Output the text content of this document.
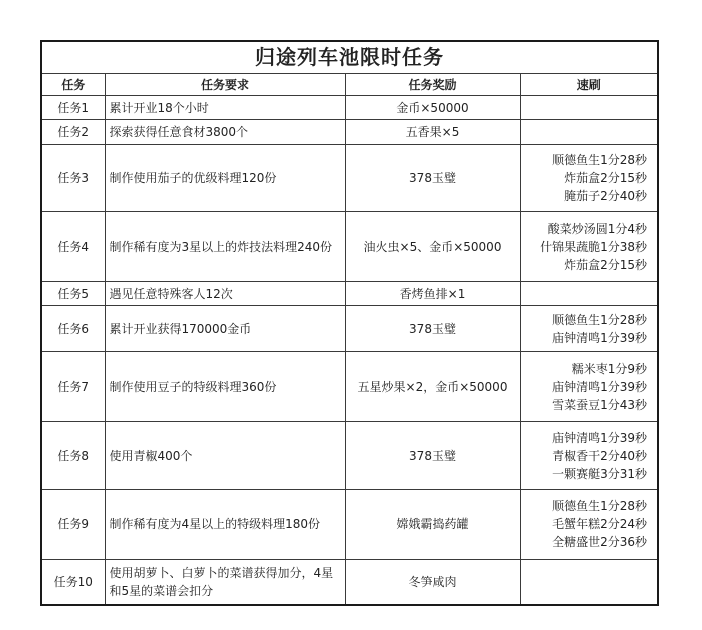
归途列车池限时任务			
任务	任务要求	任务奖励	速刷
任务1	累计开业18个小时	金币×50000	
任务2	探索获得任意食材3800个	五香果×5	
任务3	制作使用茄子的优级料理120份	378玉璧	顺德鱼生1分28秒
炸茄盒2分15秒
腌茄子2分40秒

任务4	制作稀有度为3星以上的炸技法料理240份	油火虫×5、金币×50000	酸菜炒汤圆1分4秒
什锦果蔬脆1分38秒
炸茄盒2分15秒

任务5	遇见任意特殊客人12次	香烤鱼排×1	
任务6	累计开业获得170000金币	378玉璧	顺德鱼生1分28秒
庙钟清鸣1分39秒

任务7	制作使用豆子的特级料理360份	五星炒果×2，金币×50000	糯米枣1分9秒
庙钟清鸣1分39秒
雪菜蚕豆1分43秒

任务8	使用青椒400个	378玉璧	庙钟清鸣1分39秒
青椒香干2分40秒
一颗赛艇3分31秒

任务9	制作稀有度为4星以上的特级料理180份	嫦娥霸捣药罐	顺德鱼生1分28秒
毛蟹年糕2分24秒
全糖盛世2分36秒

任务10	使用胡萝卜、白萝卜的菜谱获得加分，4星和5星的菜谱会扣分	冬笋咸肉	
